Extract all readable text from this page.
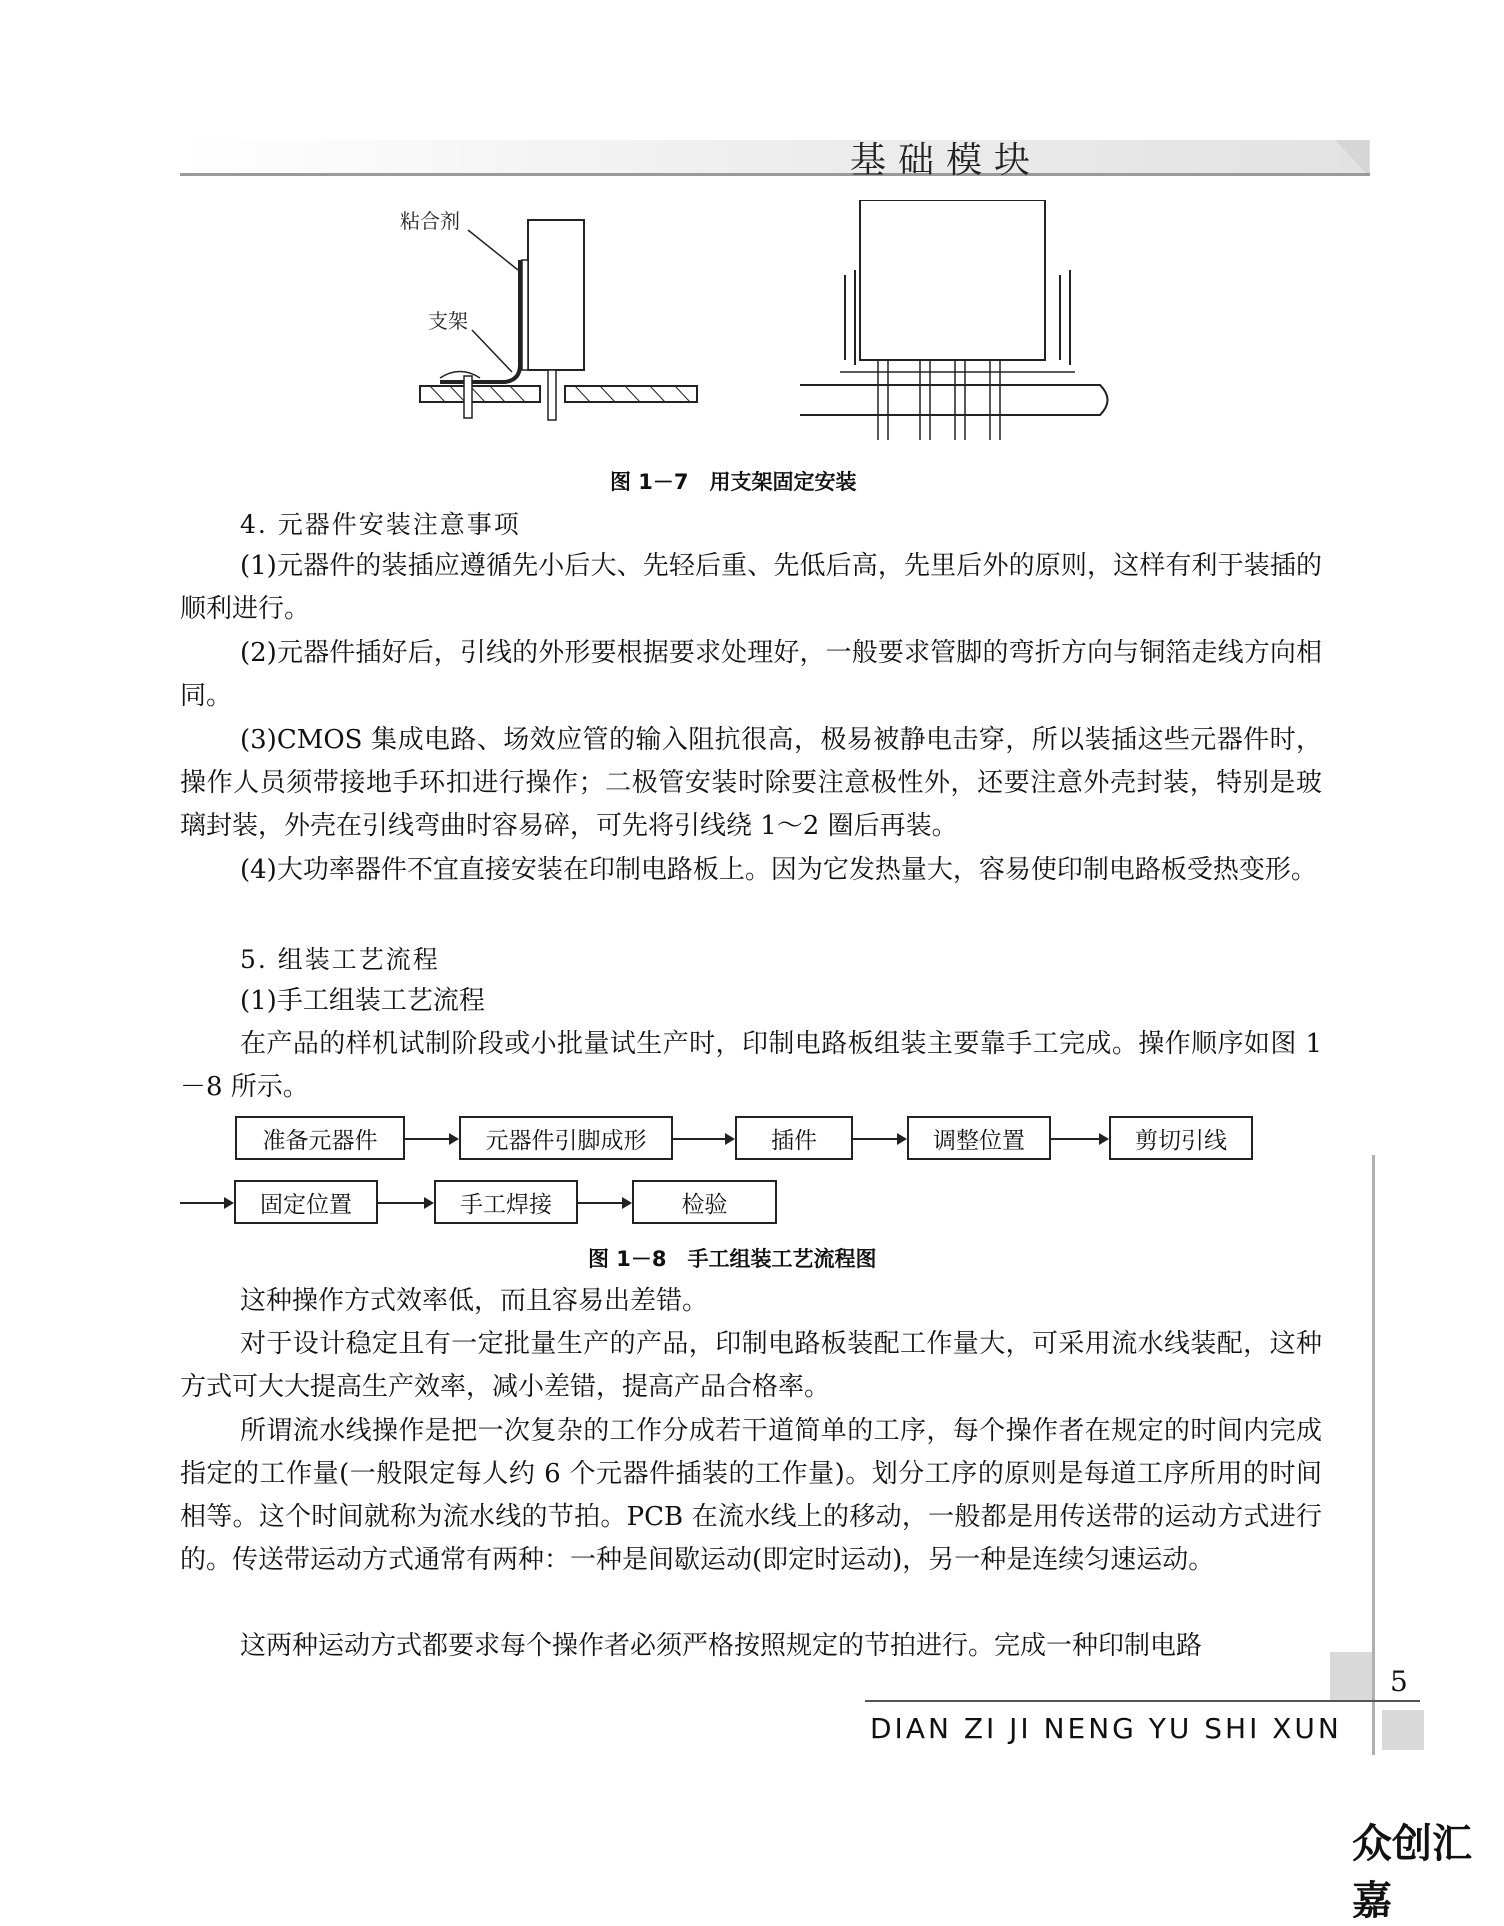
基础模块
粘合剂
支架
图 1－7　用支架固定安装
4. 元器件安装注意事项
(1)元器件的装插应遵循先小后大、先轻后重、先低后高，先里后外的原则，这样有利于装插的顺利进行。
(2)元器件插好后，引线的外形要根据要求处理好，一般要求管脚的弯折方向与铜箔走线方向相同。
(3)CMOS 集成电路、场效应管的输入阻抗很高，极易被静电击穿，所以装插这些元器件时，操作人员须带接地手环扣进行操作；二极管安装时除要注意极性外，还要注意外壳封装，特别是玻璃封装，外壳在引线弯曲时容易碎，可先将引线绕 1～2 圈后再装。
(4)大功率器件不宜直接安装在印制电路板上。因为它发热量大，容易使印制电路板受热变形。
5. 组装工艺流程
(1)手工组装工艺流程
在产品的样机试制阶段或小批量试生产时，印制电路板组装主要靠手工完成。操作顺序如图 1－8 所示。
准备元器件	元器件引脚成形	插件	调整位置	剪切引线
固定位置	手工焊接	检验
图 1－8　手工组装工艺流程图
这种操作方式效率低，而且容易出差错。
对于设计稳定且有一定批量生产的产品，印制电路板装配工作量大，可采用流水线装配，这种方式可大大提高生产效率，减小差错，提高产品合格率。
所谓流水线操作是把一次复杂的工作分成若干道简单的工序，每个操作者在规定的时间内完成指定的工作量(一般限定每人约 6 个元器件插装的工作量)。划分工序的原则是每道工序所用的时间相等。这个时间就称为流水线的节拍。PCB 在流水线上的移动，一般都是用传送带的运动方式进行的。传送带运动方式通常有两种：一种是间歇运动(即定时运动)，另一种是连续匀速运动。
这两种运动方式都要求每个操作者必须严格按照规定的节拍进行。完成一种印制电路
5
DIAN ZI JI NENG YU SHI XUN
众创汇嘉
